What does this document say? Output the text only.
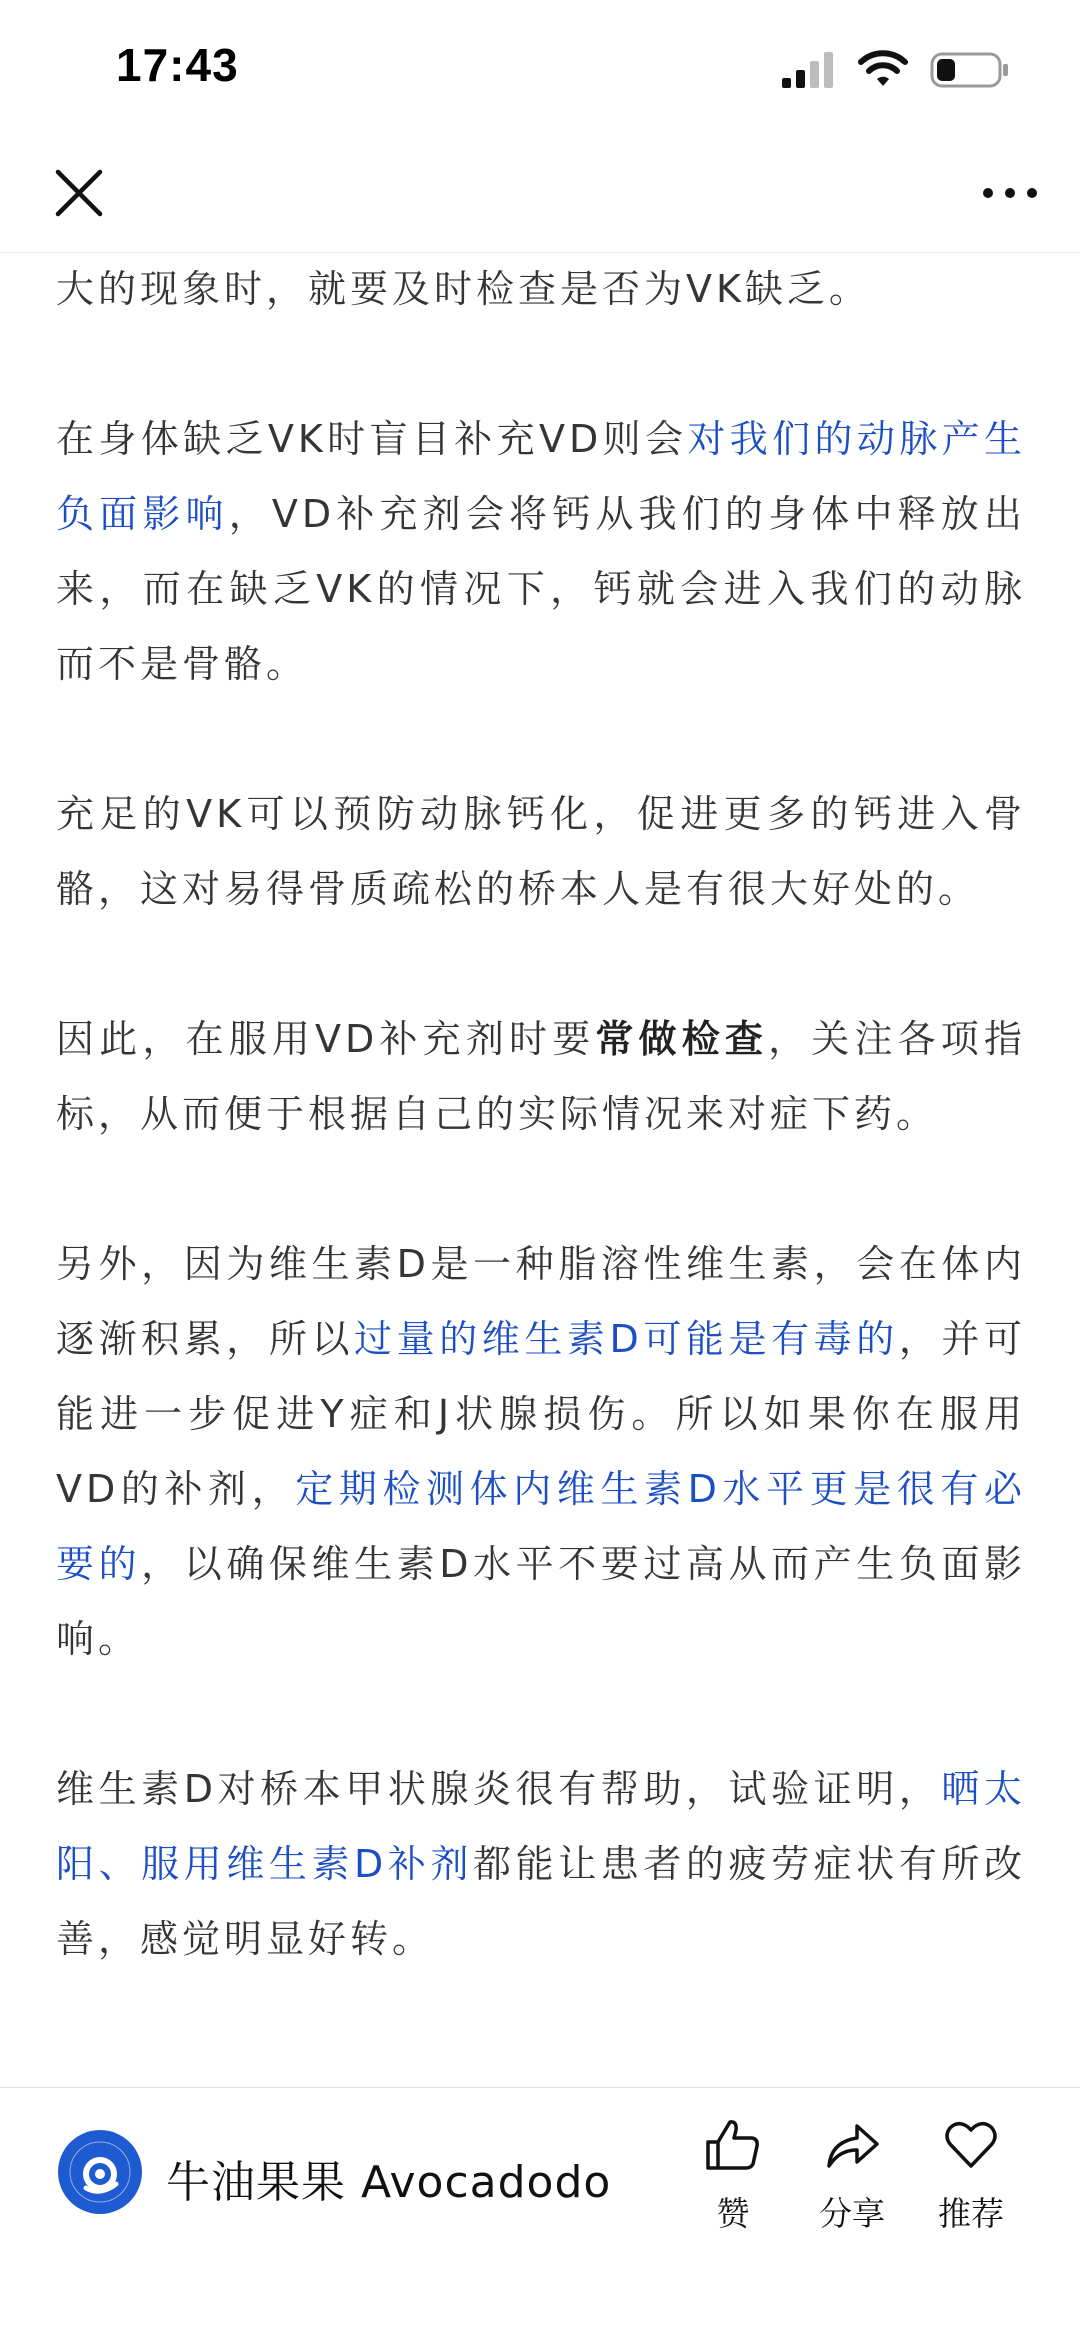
17:43

大的现象时，就要及时检查是否为VK缺乏。

在身体缺乏VK时盲目补充VD则会对我们的动脉产生负面影响，VD补充剂会将钙从我们的身体中释放出来，而在缺乏VK的情况下，钙就会进入我们的动脉而不是骨骼。

充足的VK可以预防动脉钙化，促进更多的钙进入骨骼，这对易得骨质疏松的桥本人是有很大好处的。

因此，在服用VD补充剂时要常做检查，关注各项指标，从而便于根据自己的实际情况来对症下药。

另外，因为维生素D是一种脂溶性维生素，会在体内逐渐积累，所以过量的维生素D可能是有毒的，并可能进一步促进Y症和J状腺损伤。所以如果你在服用VD的补剂，定期检测体内维生素D水平更是很有必要的，以确保维生素D水平不要过高从而产生负面影响。

维生素D对桥本甲状腺炎很有帮助，试验证明，晒太阳、服用维生素D补剂都能让患者的疲劳症状有所改善，感觉明显好转。

牛油果果 Avocadodo
赞	分享	推荐
